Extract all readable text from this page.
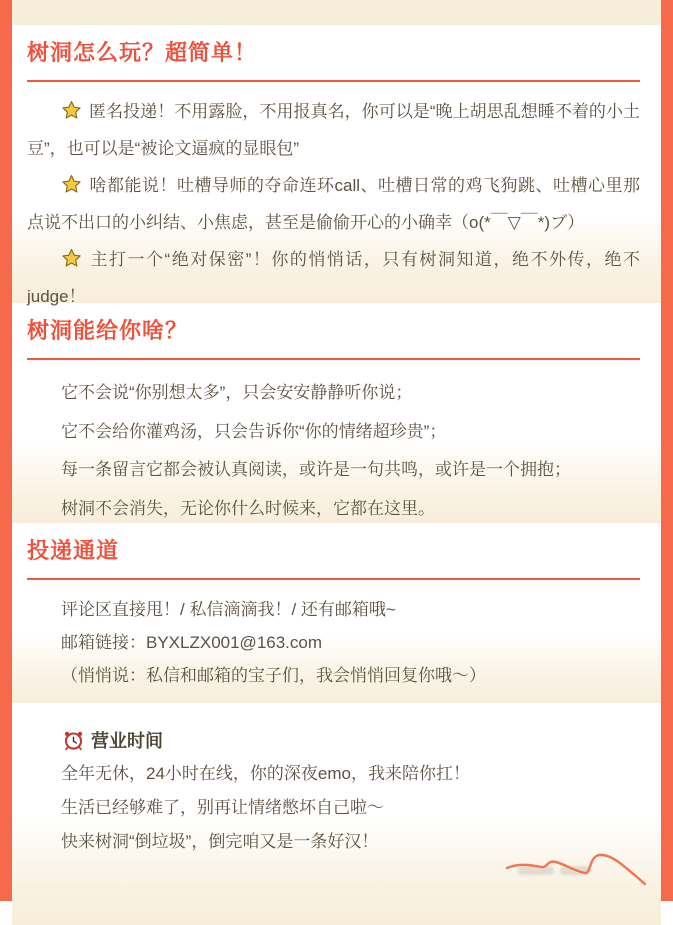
树洞怎么玩？超简单！

匿名投递！不用露脸，不用报真名，你可以是“晚上胡思乱想睡不着的小土豆”，也可以是“被论文逼疯的显眼包”

啥都能说！吐槽导师的夺命连环call、吐槽日常的鸡飞狗跳、吐槽心里那点说不出口的小纠结、小焦虑，甚至是偷偷开心的小确幸（o(*￣▽￣*)ブ）

主打一个“绝对保密”！你的悄悄话，只有树洞知道，绝不外传，绝不judge！

树洞能给你啥？

它不会说“你别想太多”，只会安安静静听你说；

它不会给你灌鸡汤，只会告诉你“你的情绪超珍贵”；

每一条留言它都会被认真阅读，或许是一句共鸣，或许是一个拥抱；

树洞不会消失，无论你什么时候来，它都在这里。

投递通道

评论区直接甩！/ 私信滴滴我！/ 还有邮箱哦~

邮箱链接：BYXLZX001@163.com

（悄悄说：私信和邮箱的宝子们，我会悄悄回复你哦～）

营业时间

全年无休，24小时在线，你的深夜emo，我来陪你扛！

生活已经够难了，别再让情绪憋坏自己啦～

快来树洞“倒垃圾”，倒完咱又是一条好汉！
